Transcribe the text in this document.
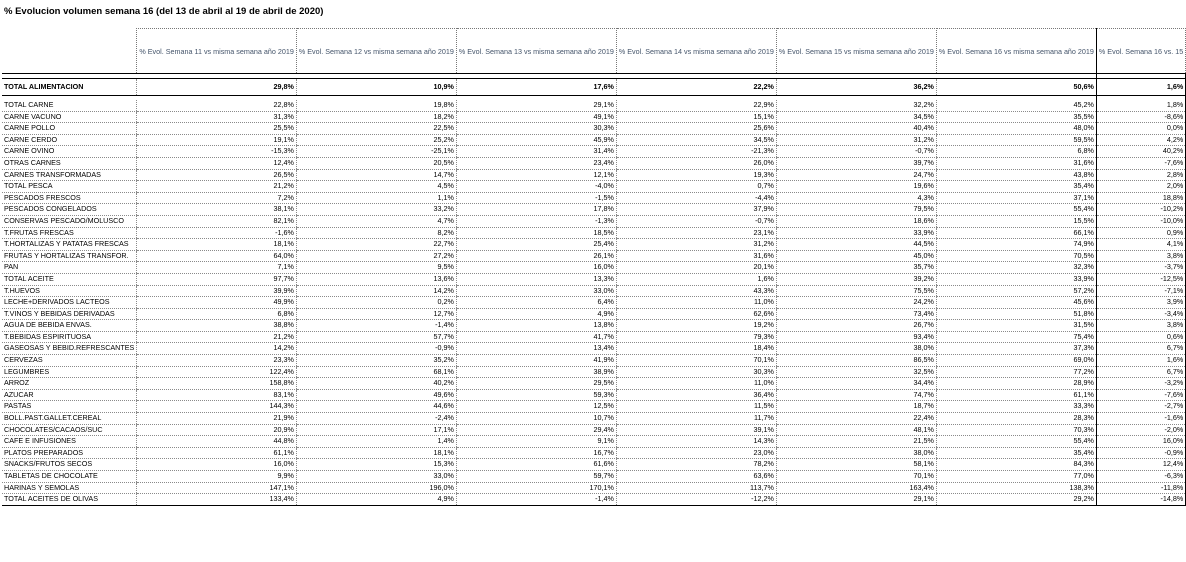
% Evolucion volumen semana 16 (del 13 de abril al 19 de abril de 2020)
	% Evol. Semana 11 vs misma semana año 2019	% Evol. Semana 12 vs misma semana año 2019	% Evol. Semana 13 vs misma semana año 2019	% Evol. Semana 14 vs misma semana año 2019	% Evol. Semana 15 vs misma semana año 2019	% Evol. Semana 16 vs misma semana año 2019	% Evol. Semana 16 vs. 15

TOTAL ALIMENTACION	29,8%	10,9%	17,6%	22,2%	36,2%	50,6%	1,6%

TOTAL CARNE	22,8%	19,8%	29,1%	22,9%	32,2%	45,2%	1,8%
CARNE VACUNO	31,3%	18,2%	49,1%	15,1%	34,5%	35,5%	-8,6%
CARNE POLLO	25,5%	22,5%	30,3%	25,6%	40,4%	48,0%	0,0%
CARNE CERDO	19,1%	25,2%	45,9%	34,5%	31,2%	59,5%	4,2%
CARNE OVINO	-15,3%	-25,1%	31,4%	-21,3%	-0,7%	6,8%	40,2%
OTRAS CARNES	12,4%	20,5%	23,4%	26,0%	39,7%	31,6%	-7,6%
CARNES TRANSFORMADAS	26,5%	14,7%	12,1%	19,3%	24,7%	43,8%	2,8%
TOTAL PESCA	21,2%	4,5%	-4,0%	0,7%	19,6%	35,4%	2,0%
PESCADOS FRESCOS	7,2%	1,1%	-1,5%	-4,4%	4,3%	37,1%	18,8%
PESCADOS CONGELADOS	38,1%	33,2%	17,8%	37,9%	79,5%	55,4%	-10,2%
CONSERVAS PESCADO/MOLUSCO	82,1%	4,7%	-1,3%	-0,7%	18,6%	15,5%	-10,0%
T.FRUTAS FRESCAS	-1,6%	8,2%	18,5%	23,1%	33,9%	66,1%	0,9%
T.HORTALIZAS Y PATATAS FRESCAS	18,1%	22,7%	25,4%	31,2%	44,5%	74,9%	4,1%
FRUTAS Y HORTALIZAS TRANSFOR.	64,0%	27,2%	26,1%	31,6%	45,0%	70,5%	3,8%
PAN	7,1%	9,5%	16,0%	20,1%	35,7%	32,3%	-3,7%
TOTAL ACEITE	97,7%	13,6%	13,3%	1,6%	39,2%	33,9%	-12,5%
T.HUEVOS	39,9%	14,2%	33,0%	43,3%	75,5%	57,2%	-7,1%
LECHE+DERIVADOS LACTEOS	49,9%	0,2%	6,4%	11,0%	24,2%	45,6%	3,9%
T.VINOS Y BEBIDAS DERIVADAS	6,8%	12,7%	4,9%	62,6%	73,4%	51,8%	-3,4%
AGUA DE BEBIDA ENVAS.	38,8%	-1,4%	13,8%	19,2%	26,7%	31,5%	3,8%
T.BEBIDAS ESPIRITUOSA	21,2%	57,7%	41,7%	79,3%	93,4%	75,4%	0,6%
GASEOSAS Y BEBID.REFRESCANTES	14,2%	-0,9%	13,4%	18,4%	38,0%	37,3%	6,7%
CERVEZAS	23,3%	35,2%	41,9%	70,1%	86,5%	69,0%	1,6%
LEGUMBRES	122,4%	68,1%	38,9%	30,3%	32,5%	77,2%	6,7%
ARROZ	158,8%	40,2%	29,5%	11,0%	34,4%	28,9%	-3,2%
AZUCAR	83,1%	49,6%	59,3%	36,4%	74,7%	61,1%	-7,6%
PASTAS	144,3%	44,6%	12,5%	11,5%	18,7%	33,3%	-2,7%
BOLL.PAST.GALLET.CEREAL	21,9%	-2,4%	10,7%	11,7%	22,4%	28,3%	-1,6%
CHOCOLATES/CACAOS/SUC	20,9%	17,1%	29,4%	39,1%	48,1%	70,3%	-2,0%
CAFE E INFUSIONES	44,8%	1,4%	9,1%	14,3%	21,5%	55,4%	16,0%
PLATOS PREPARADOS	61,1%	18,1%	16,7%	23,0%	38,0%	35,4%	-0,9%
SNACKS/FRUTOS SECOS	16,0%	15,3%	61,6%	78,2%	58,1%	84,3%	12,4%
TABLETAS DE CHOCOLATE	9,9%	33,0%	59,7%	63,6%	70,1%	77,0%	-6,3%
HARINAS Y SEMOLAS	147,1%	196,0%	170,1%	113,7%	163,4%	138,3%	-11,8%
TOTAL ACEITES DE OLIVAS	133,4%	4,9%	-1,4%	-12,2%	29,1%	29,2%	-14,8%
